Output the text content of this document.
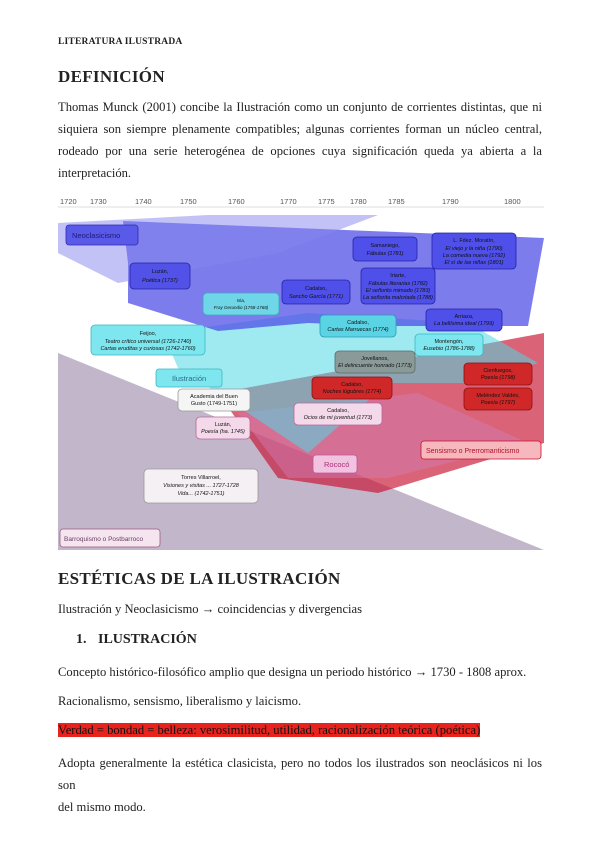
LITERATURA ILUSTRADA
DEFINICIÓN
Thomas Munck (2001) concibe la Ilustración como un conjunto de corrientes distintas, que ni
siquiera son siempre plenamente compatibles; algunas corrientes forman un núcleo central,
rodeado por una serie heterogénea de opciones cuya significación queda ya abierta a la
interpretación.
1720 1730	1740	1750	1760	1770	1775 1780	1785	1790	1800
Neoclasicismo
Ilustración
Rococó
Sensismo o Prerromanticismo
Barroquismo o Postbarroco
Samaniego,
Fábulas (1781)
L. Fdez. Moratín,
El viejo y la niña (1790)
La comedia nueva (1792)
El sí de las niñas (1801)
Luzán,
Poética (1737)
Iriarte,
Fábulas literarias (1782)
El señorito mimado (1783)
La señorita malcriada (1788)
Cadalso,
Sancho García (1771)
Isla,
Fray Gerundio (1758-1768)
Arriaza,
La bellísima ideal (1799)
Cadalso,
Cartas Marruecas (1774)
Feijoo,
Teatro crítico universal (1726-1740)
Cartas eruditas y curiosas (1742-1760)
Montengón,
Eusebio (1786-1788)
Jovellanos,
El delincuente honrado (1773)
Cienfuegos,
Poesía (1798)
Cadalso,
Noches lúgubres (1774)
Academia del Buen
Gusto (1749-1751)
Meléndez Valdés,
Poesía (1797)
Cadalso,
Ocios de mi juventud (1773)
Luzán,
Poesía (ha. 1745)
Torres Villarroel,
Visiones y visitas ... 1727-1728
Vida... (1742-1751)
ESTÉTICAS DE LA ILUSTRACIÓN
Ilustración y Neoclasicismo → coincidencias y divergencias
1. ILUSTRACIÓN
Concepto histórico-filosófico amplio que designa un periodo histórico → 1730 - 1808 aprox.
Racionalismo, sensismo, liberalismo y laicismo.
Verdad = bondad = belleza: verosimilitud, utilidad, racionalización teórica (poética)
Adopta generalmente la estética clasicista, pero no todos los ilustrados son neoclásicos ni los son
del mismo modo.
